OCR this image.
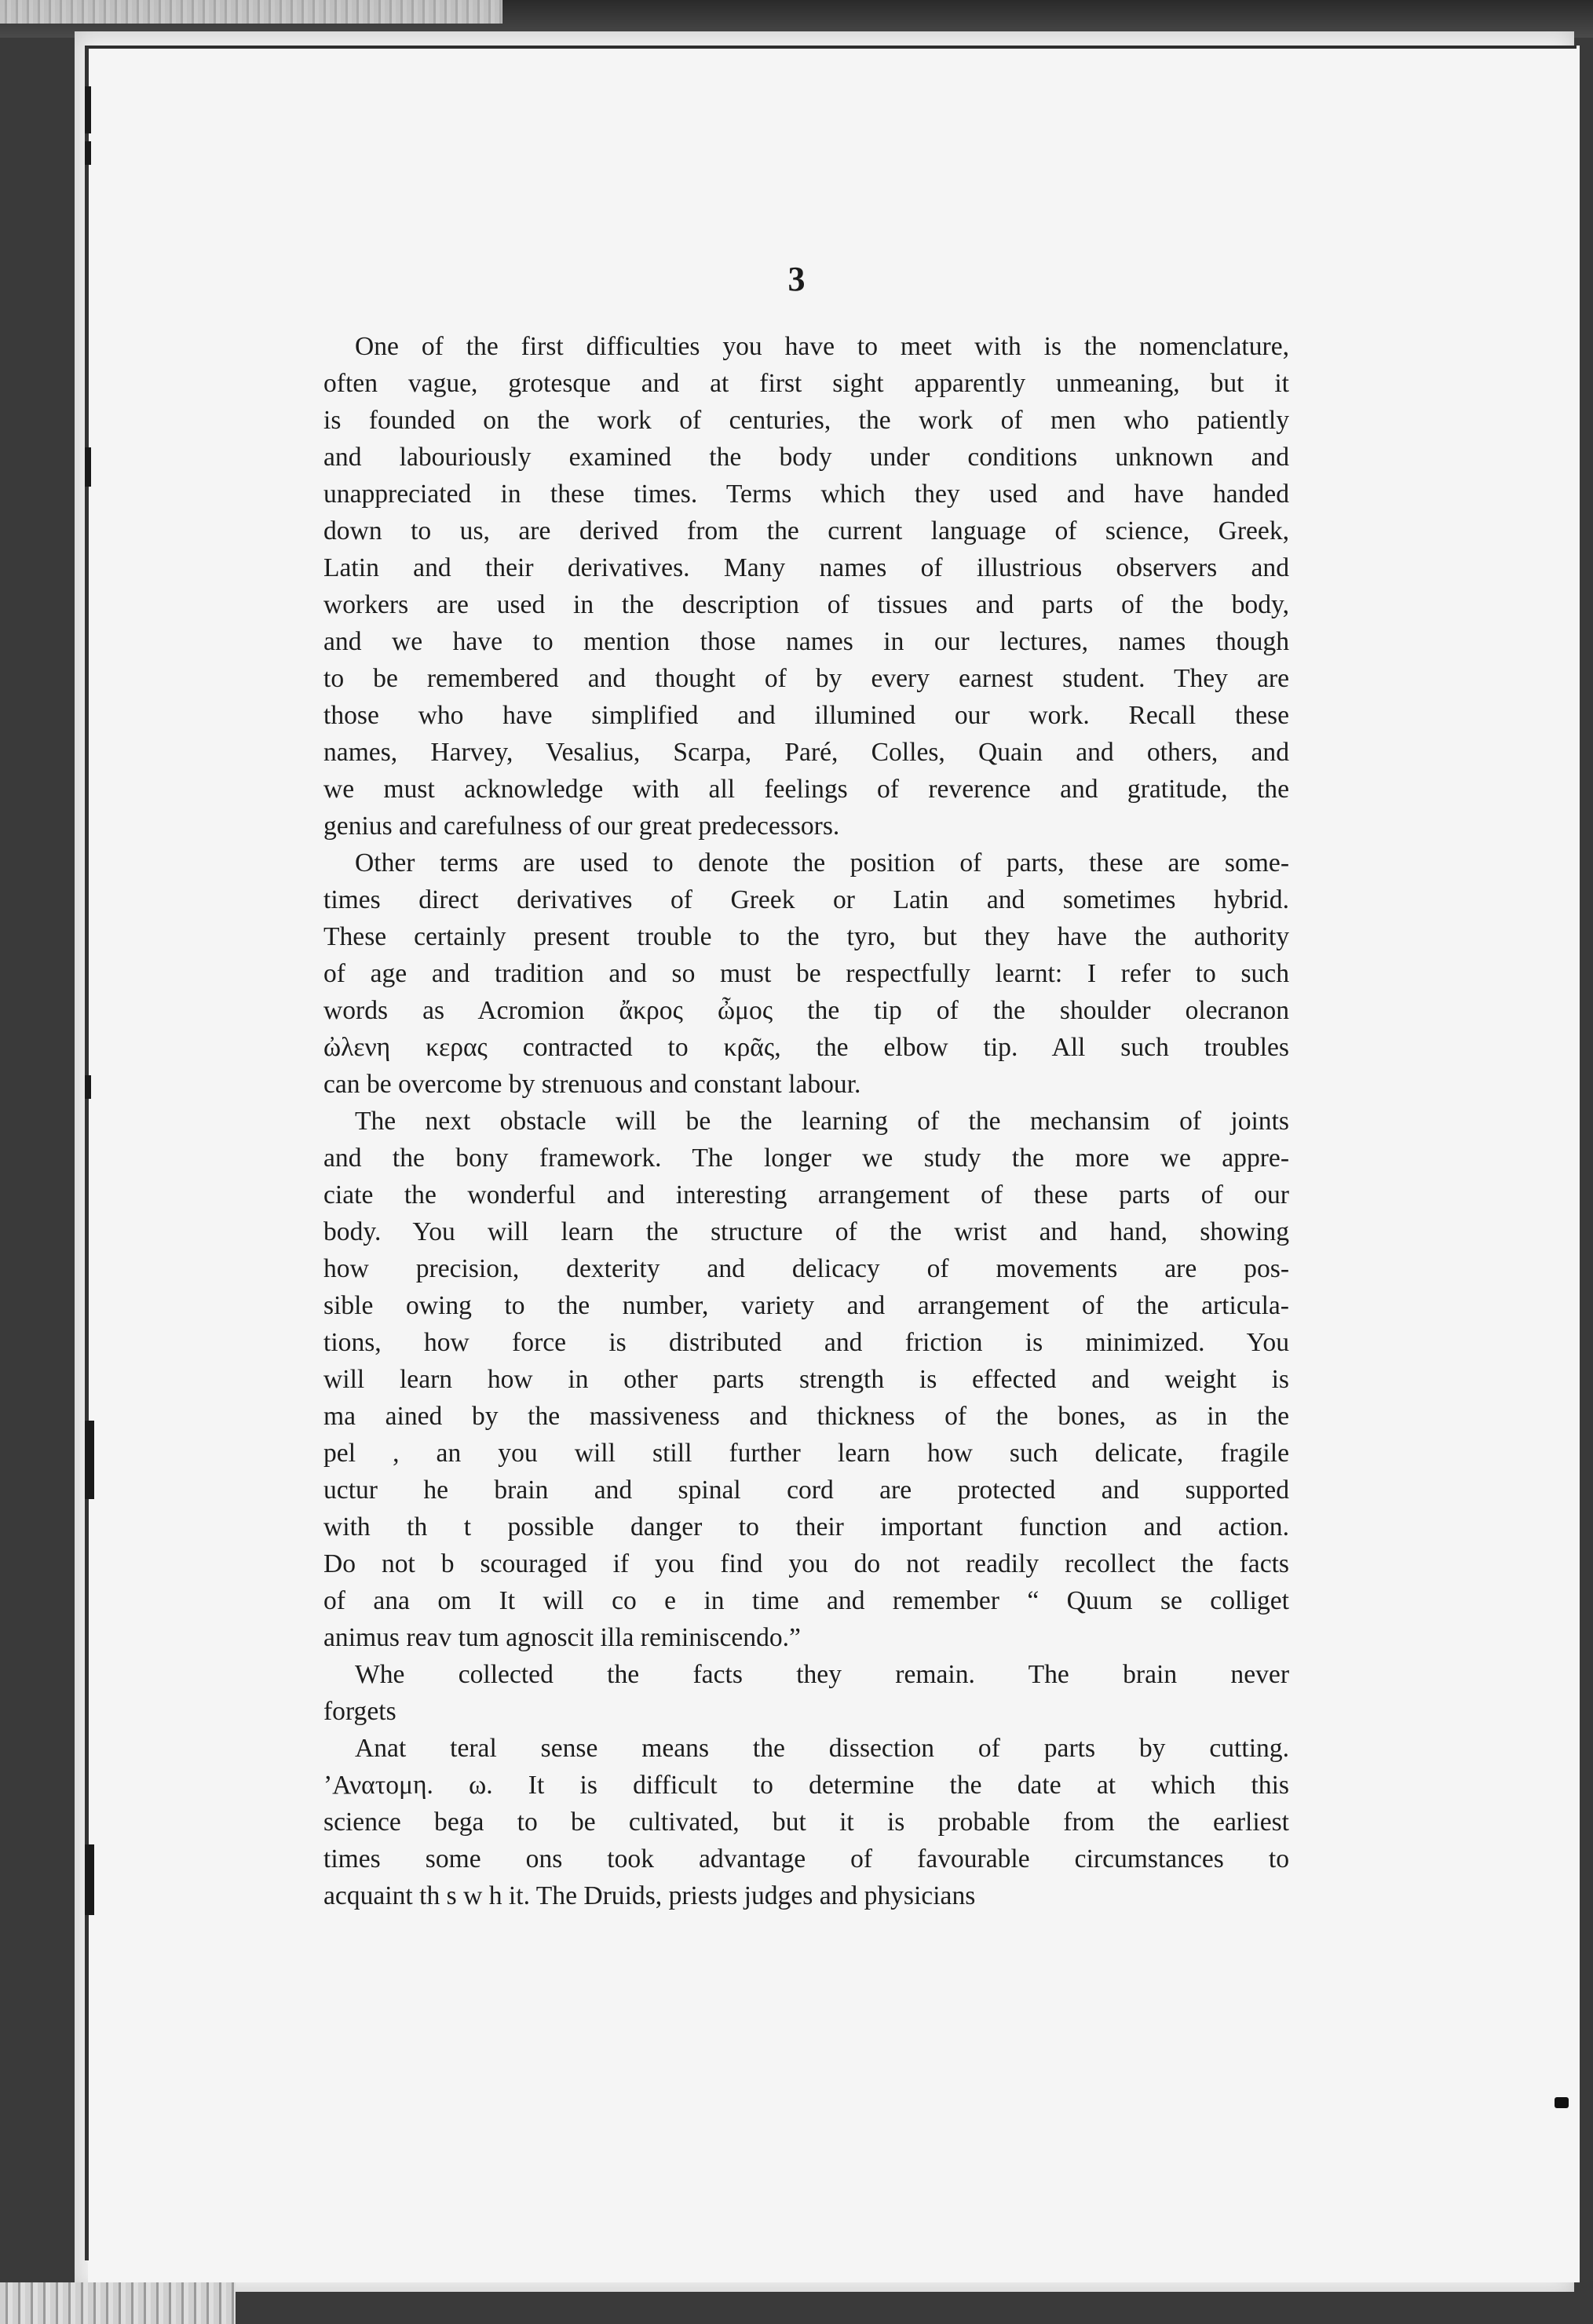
3
One of the first difficulties you have to meet with is the nomenclature,
often vague, grotesque and at first sight apparently unmeaning, but it
is founded on the work of centuries, the work of men who patiently
and labouriously examined the body under conditions unknown and
unappreciated in these times. Terms which they used and have handed
down to us, are derived from the current language of science, Greek,
Latin and their derivatives. Many names of illustrious observers and
workers are used in the description of tissues and parts of the body,
and we have to mention those names in our lectures, names though
to be remembered and thought of by every earnest student. They are
those who have simplified and illumined our work. Recall these
names, Harvey, Vesalius, Scarpa, Paré, Colles, Quain and others, and
we must acknowledge with all feelings of reverence and gratitude, the
genius and carefulness of our great predecessors.
Other terms are used to denote the position of parts, these are some-
times direct derivatives of Greek or Latin and sometimes hybrid.
These certainly present trouble to the tyro, but they have the authority
of age and tradition and so must be respectfully learnt: I refer to such
words as Acromion ἄκρος ὦμος the tip of the shoulder olecranon
ὠλενη κερας contracted to κρᾶς, the elbow tip. All such troubles
can be overcome by strenuous and constant labour.
The next obstacle will be the learning of the mechansim of joints
and the bony framework. The longer we study the more we appre-
ciate the wonderful and interesting arrangement of these parts of our
body. You will learn the structure of the wrist and hand, showing
how precision, dexterity and delicacy of movements are pos-
sible owing to the number, variety and arrangement of the articula-
tions, how force is distributed and friction is minimized. You
will learn how in other parts strength is effected and weight is
ma ained by the massiveness and thickness of the bones, as in the
pel , an you will still further learn how such delicate, fragile
uctur he brain and spinal cord are protected and supported
with th t possible danger to their important function and action.
Do not b scouraged if you find you do not readily recollect the facts
of ana om It will co e in time and remember “ Quum se colliget
animus reav tum agnoscit illa reminiscendo.”
Whe collected the facts they remain. The brain never
forgets
Anat teral sense means the dissection of parts by cutting.
’Ανατομη. ω. It is difficult to determine the date at which this
science bega to be cultivated, but it is probable from the earliest
times some ons took advantage of favourable circumstances to
acquaint th s w h it. The Druids, priests judges and physicians
